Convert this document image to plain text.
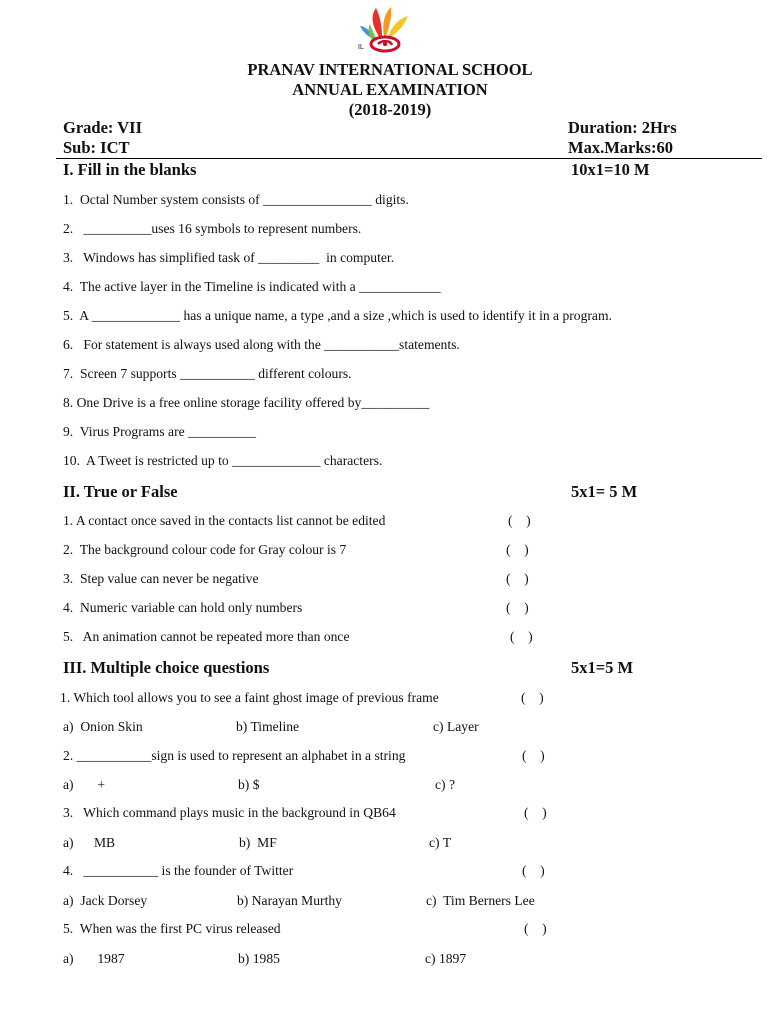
IL
PRANAV INTERNATIONAL SCHOOL
ANNUAL EXAMINATION
(2018-2019)
Grade: VII
Sub: ICT
Duration: 2Hrs
Max.Marks:60
I. Fill in the blanks	10x1=10 M
1.  Octal Number system consists of ________________ digits.
2.   __________uses 16 symbols to represent numbers.
3.   Windows has simplified task of _________  in computer.
4.  The active layer in the Timeline is indicated with a ____________
5.  A _____________ has a unique name, a type ,and a size ,which is used to identify it in a program.
6.   For statement is always used along with the ___________statements.
7.  Screen 7 supports ___________ different colours.
8. One Drive is a free online storage facility offered by__________
9.  Virus Programs are __________
10.  A Tweet is restricted up to _____________ characters.
II. True or False	5x1= 5 M
1. A contact once saved in the contacts list cannot be edited	(    )
2.  The background colour code for Gray colour is 7	(    )
3.  Step value can never be negative	(    )
4.  Numeric variable can hold only numbers	(    )
5.   An animation cannot be repeated more than once	(    )
III. Multiple choice questions	5x1=5 M
1. Which tool allows you to see a faint ghost image of previous frame	(    )
a)  Onion Skin	b) Timeline	c) Layer
2. ___________sign is used to represent an alphabet in a string	(    )
a)       +	b) $	c) ?
3.   Which command plays music in the background in QB64	(    )
a)      MB	b)  MF	c) T
4.   ___________ is the founder of Twitter	(    )
a)  Jack Dorsey	b) Narayan Murthy	c)  Tim Berners Lee
5.  When was the first PC virus released	(    )
a)       1987	b) 1985	c) 1897
